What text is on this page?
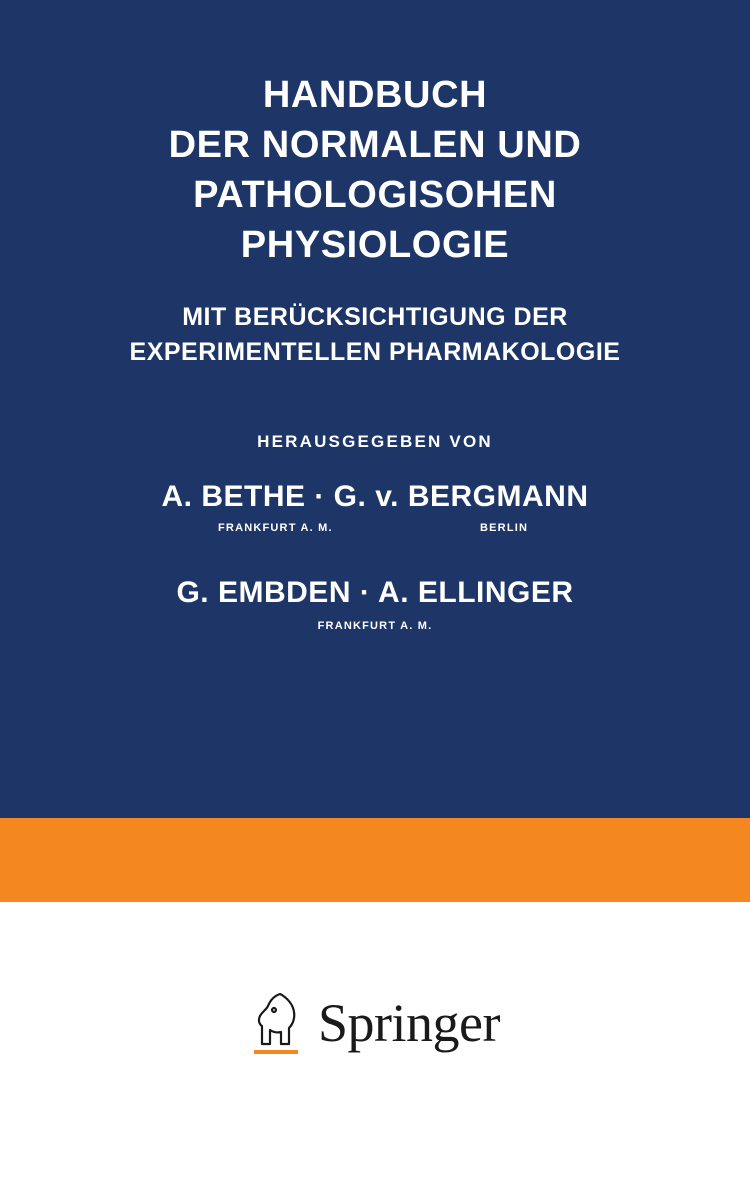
HANDBUCH
DER NORMALEN UND
PATHOLOGISOHEN
PHYSIOLOGIE
MIT BERÜCKSICHTIGUNG DER
EXPERIMENTELLEN PHARMAKOLOGIE
HERAUSGEGEBEN VON
A. BETHE · G. v. BERGMANN
FRANKFURT A. M.	BERLIN
G. EMBDEN · A. ELLINGER
FRANKFURT A. M.
Springer
